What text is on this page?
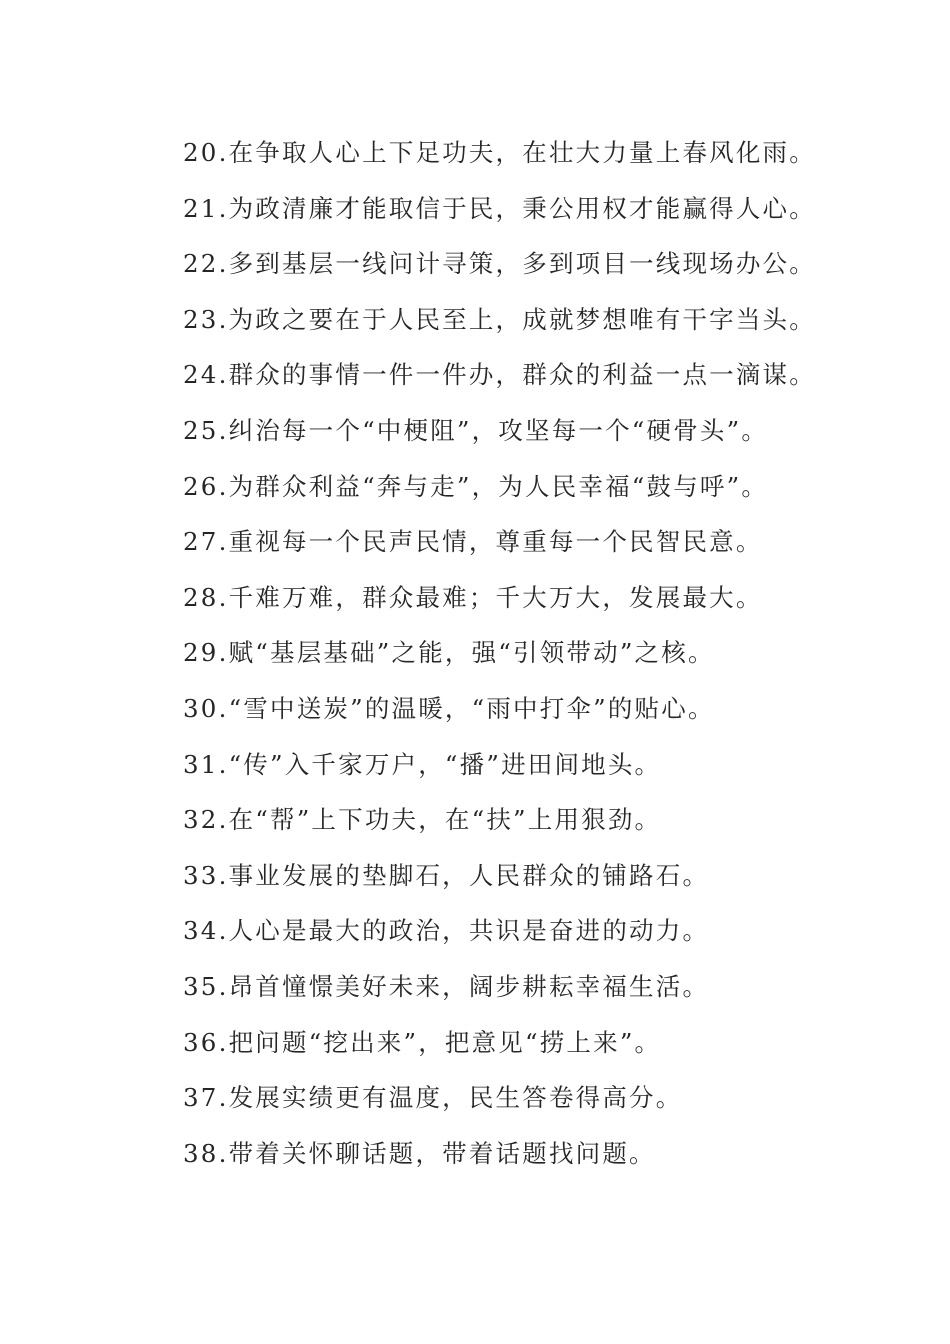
20.在争取人心上下足功夫，在壮大力量上春风化雨。
21.为政清廉才能取信于民，秉公用权才能赢得人心。
22.多到基层一线问计寻策，多到项目一线现场办公。
23.为政之要在于人民至上，成就梦想唯有干字当头。
24.群众的事情一件一件办，群众的利益一点一滴谋。
25.纠治每一个“中梗阻”，攻坚每一个“硬骨头”。
26.为群众利益“奔与走”，为人民幸福“鼓与呼”。
27.重视每一个民声民情，尊重每一个民智民意。
28.千难万难，群众最难；千大万大，发展最大。
29.赋“基层基础”之能，强“引领带动”之核。
30.“雪中送炭”的温暖，“雨中打伞”的贴心。
31.“传”入千家万户，“播”进田间地头。
32.在“帮”上下功夫，在“扶”上用狠劲。
33.事业发展的垫脚石，人民群众的铺路石。
34.人心是最大的政治，共识是奋进的动力。
35.昂首憧憬美好未来，阔步耕耘幸福生活。
36.把问题“挖出来”，把意见“捞上来”。
37.发展实绩更有温度，民生答卷得高分。
38.带着关怀聊话题，带着话题找问题。
